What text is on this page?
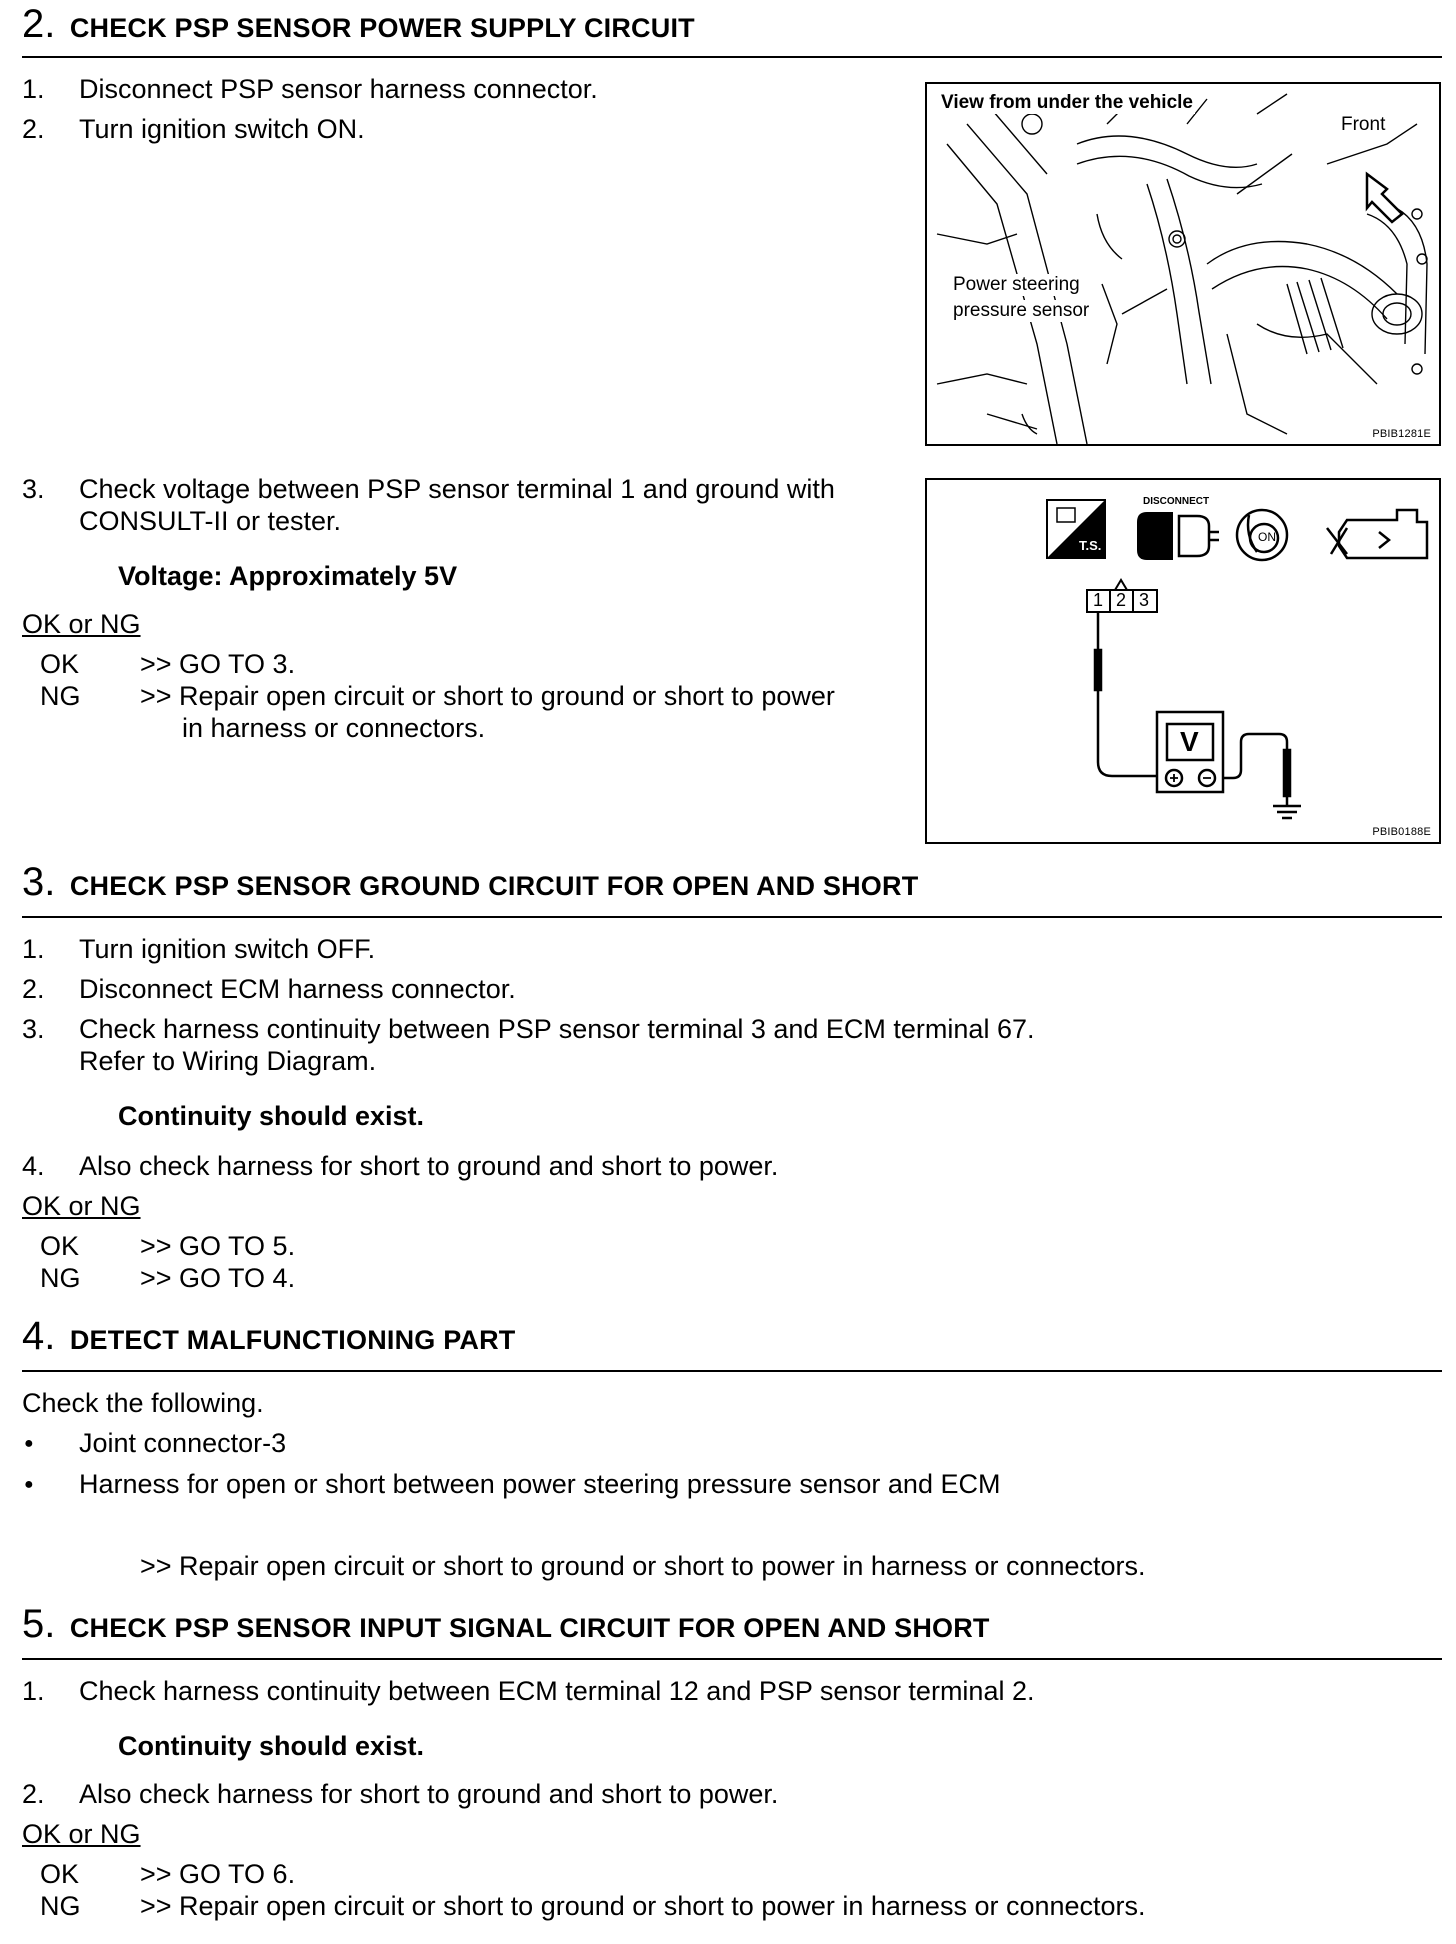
2. CHECK PSP SENSOR POWER SUPPLY CIRCUIT
1. Disconnect PSP sensor harness connector.
2. Turn ignition switch ON.
View from under the vehicle
Front
Power steering
pressure sensor
PBIB1281E
3. Check voltage between PSP sensor terminal 1 and ground with
CONSULT-II or tester.
Voltage: Approximately 5V
OK or NG
OK >> GO TO 3.
NG >> Repair open circuit or short to ground or short to power
in harness or connectors.
DISCONNECT
T.S.
ON
1 2 3
V
PBIB0188E
3. CHECK PSP SENSOR GROUND CIRCUIT FOR OPEN AND SHORT
1. Turn ignition switch OFF.
2. Disconnect ECM harness connector.
3. Check harness continuity between PSP sensor terminal 3 and ECM terminal 67.
Refer to Wiring Diagram.
Continuity should exist.
4. Also check harness for short to ground and short to power.
OK or NG
OK >> GO TO 5.
NG >> GO TO 4.
4. DETECT MALFUNCTIONING PART
Check the following.
● Joint connector-3
● Harness for open or short between power steering pressure sensor and ECM
>> Repair open circuit or short to ground or short to power in harness or connectors.
5. CHECK PSP SENSOR INPUT SIGNAL CIRCUIT FOR OPEN AND SHORT
1. Check harness continuity between ECM terminal 12 and PSP sensor terminal 2.
Continuity should exist.
2. Also check harness for short to ground and short to power.
OK or NG
OK >> GO TO 6.
NG >> Repair open circuit or short to ground or short to power in harness or connectors.
